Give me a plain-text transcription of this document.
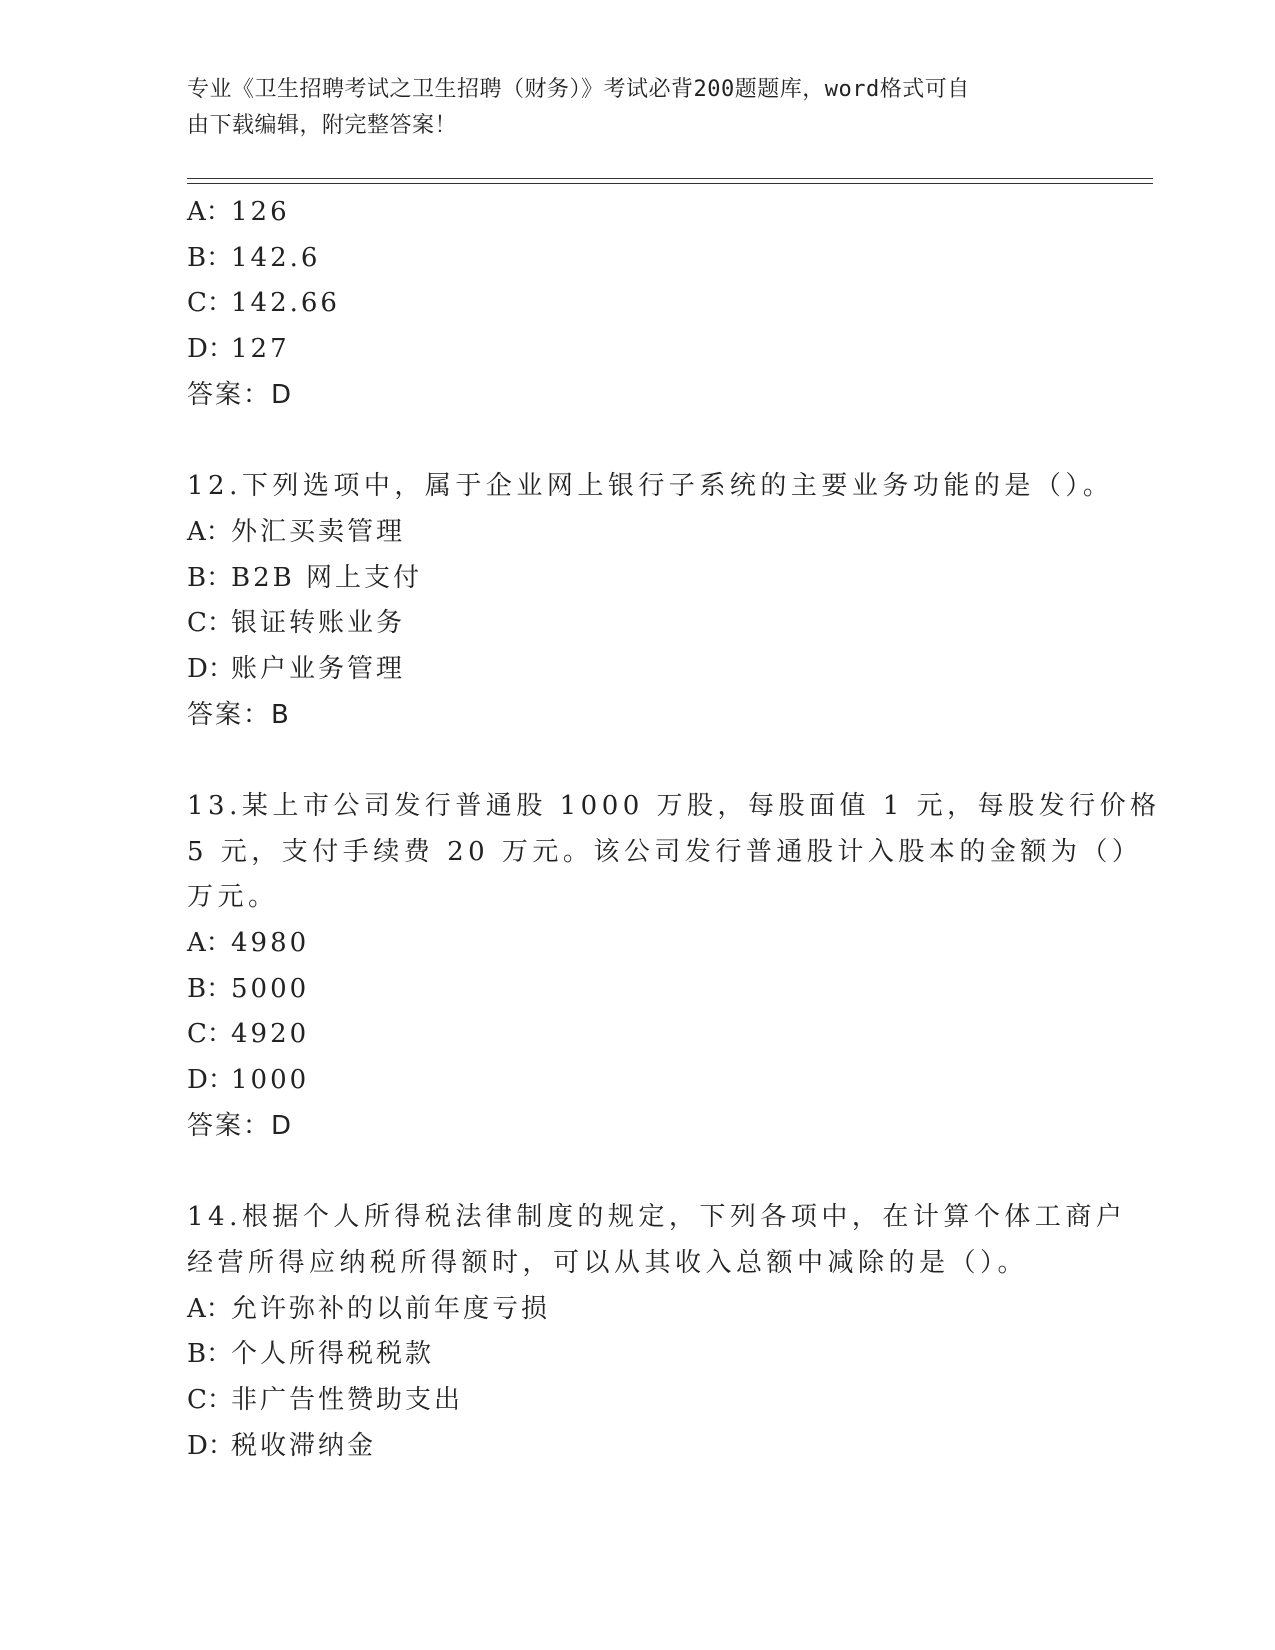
专业《卫生招聘考试之卫生招聘（财务）》考试必背200题题库，word格式可自
由下载编辑，附完整答案！
A：126
B：142.6
C：142.66
D：127
答案：D
12.下列选项中，属于企业网上银行子系统的主要业务功能的是（）。
A：外汇买卖管理
B：B2B 网上支付
C：银证转账业务
D：账户业务管理
答案：B
13.某上市公司发行普通股 1000 万股，每股面值 1 元，每股发行价格
5 元，支付手续费 20 万元。该公司发行普通股计入股本的金额为（）
万元。
A：4980
B：5000
C：4920
D：1000
答案：D
14.根据个人所得税法律制度的规定，下列各项中，在计算个体工商户
经营所得应纳税所得额时，可以从其收入总额中减除的是（）。
A：允许弥补的以前年度亏损
B：个人所得税税款
C：非广告性赞助支出
D：税收滞纳金
